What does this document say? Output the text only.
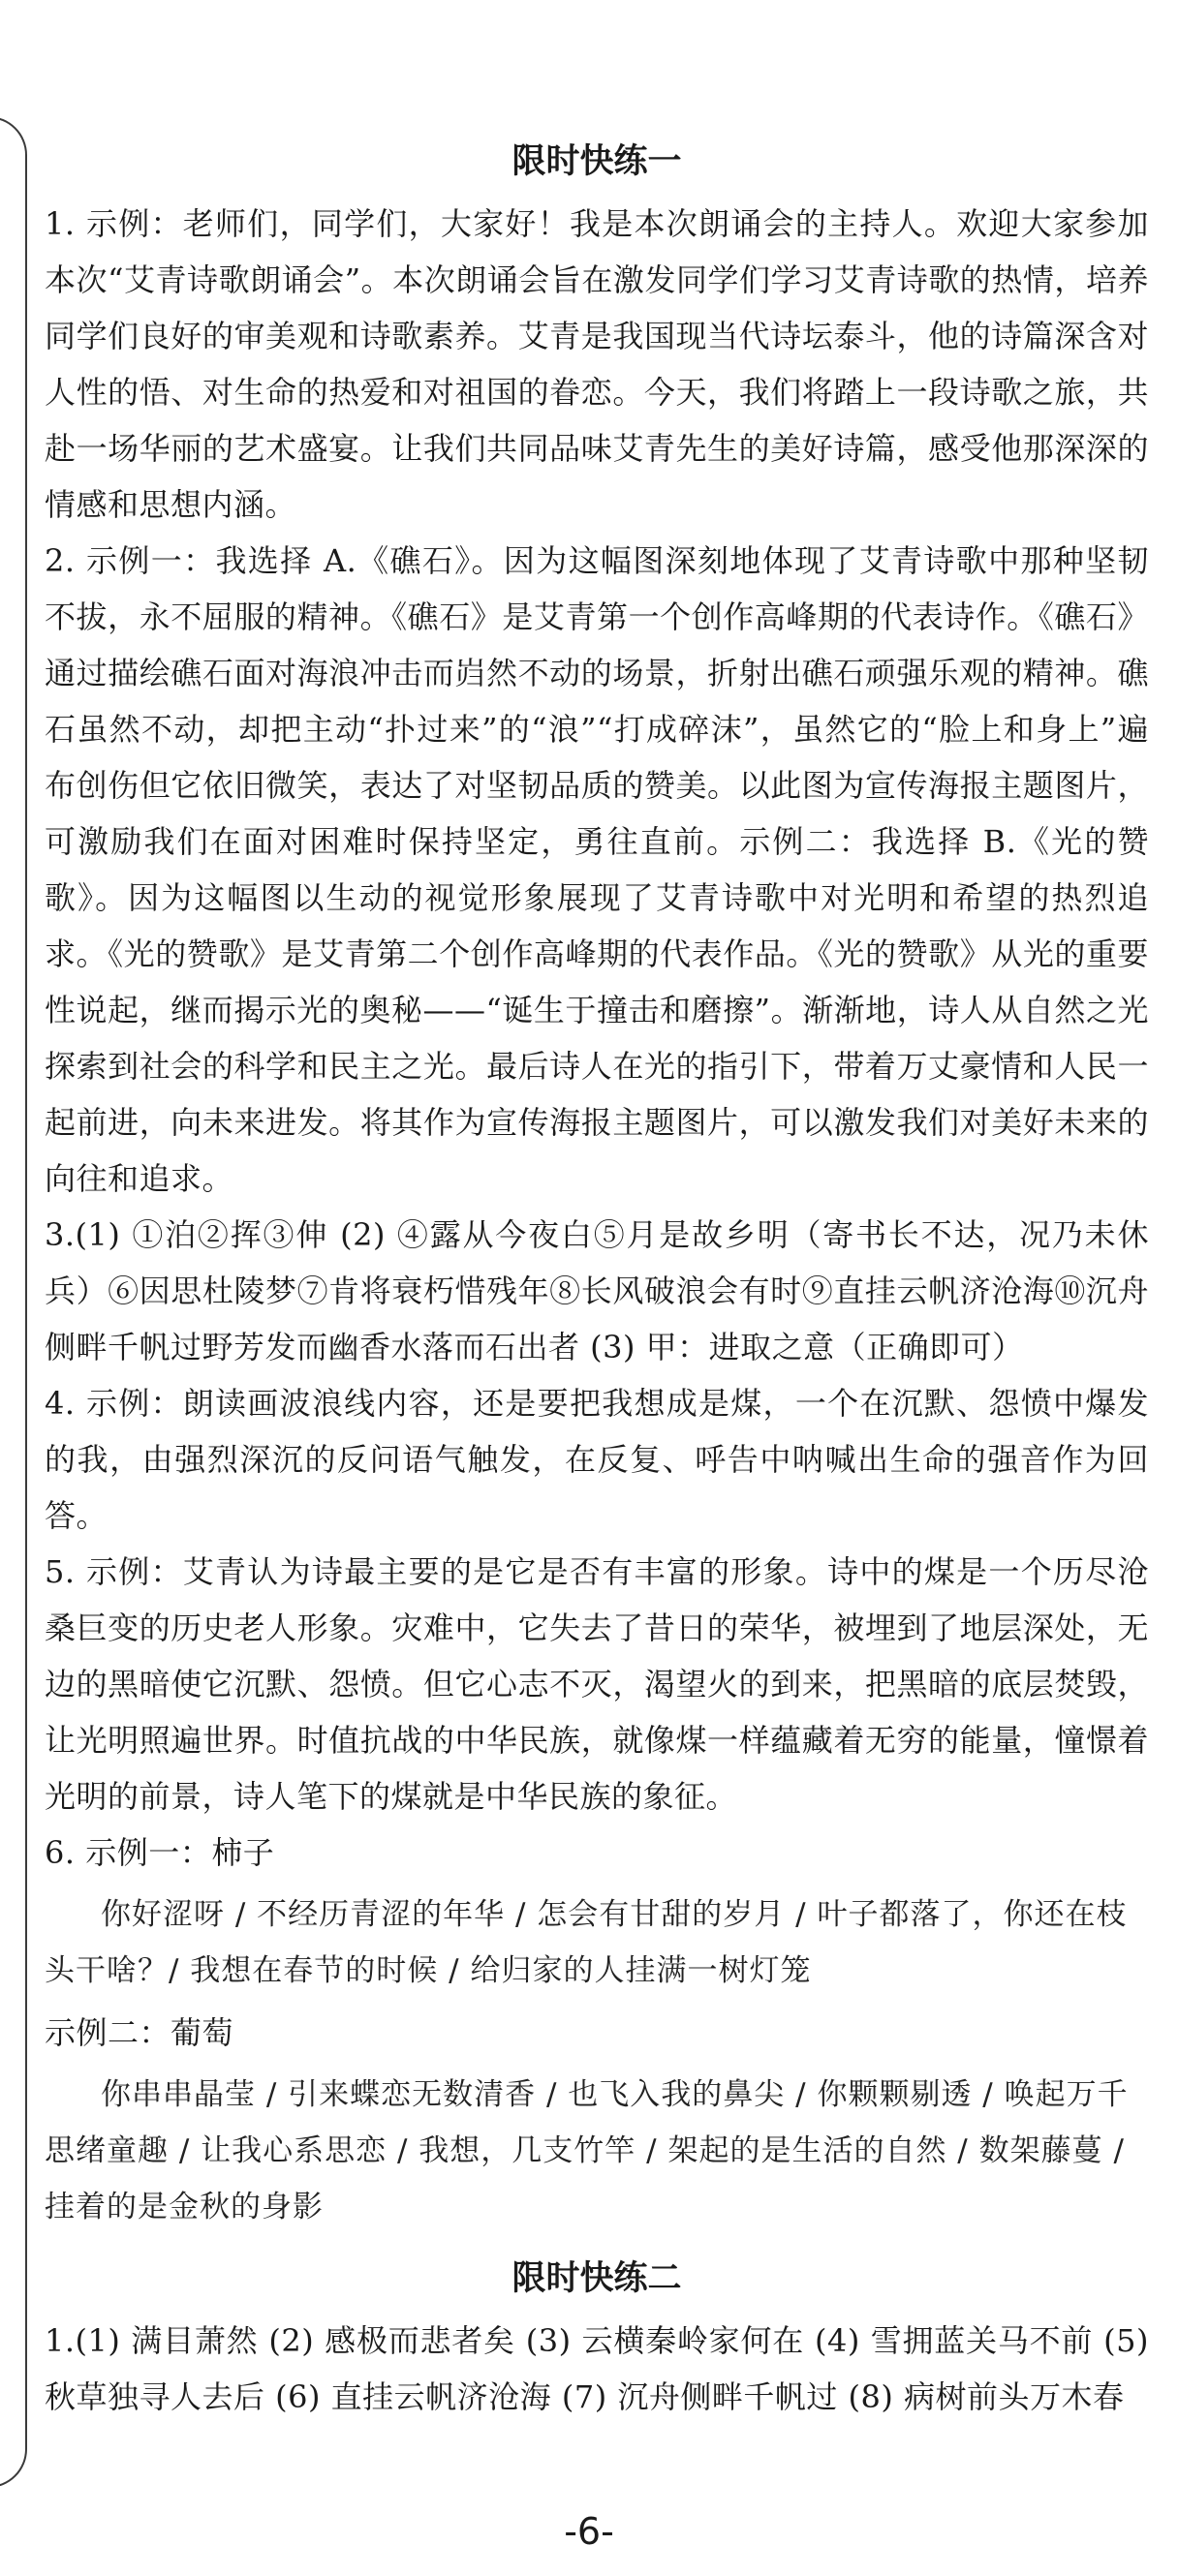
限时快练一

1. 示例：老师们，同学们，大家好！我是本次朗诵会的主持人。欢迎大家参加本次“艾青诗歌朗诵会”。本次朗诵会旨在激发同学们学习艾青诗歌的热情，培养同学们良好的审美观和诗歌素养。艾青是我国现当代诗坛泰斗，他的诗篇深含对人性的悟、对生命的热爱和对祖国的眷恋。今天，我们将踏上一段诗歌之旅，共赴一场华丽的艺术盛宴。让我们共同品味艾青先生的美好诗篇，感受他那深深的情感和思想内涵。

2. 示例一：我选择 A.《礁石》。因为这幅图深刻地体现了艾青诗歌中那种坚韧不拔，永不屈服的精神。《礁石》是艾青第一个创作高峰期的代表诗作。《礁石》通过描绘礁石面对海浪冲击而岿然不动的场景，折射出礁石顽强乐观的精神。礁石虽然不动，却把主动“扑过来”的“浪”“打成碎沫”，虽然它的“脸上和身上”遍布创伤但它依旧微笑，表达了对坚韧品质的赞美。以此图为宣传海报主题图片，可激励我们在面对困难时保持坚定，勇往直前。示例二：我选择 B.《光的赞歌》。因为这幅图以生动的视觉形象展现了艾青诗歌中对光明和希望的热烈追求。《光的赞歌》是艾青第二个创作高峰期的代表作品。《光的赞歌》从光的重要性说起，继而揭示光的奥秘——“诞生于撞击和磨擦”。渐渐地，诗人从自然之光探索到社会的科学和民主之光。最后诗人在光的指引下，带着万丈豪情和人民一起前进，向未来进发。将其作为宣传海报主题图片，可以激发我们对美好未来的向往和追求。

3.(1) ①泊②挥③伸 (2) ④露从今夜白⑤月是故乡明（寄书长不达，况乃未休兵）⑥因思杜陵梦⑦肯将衰朽惜残年⑧长风破浪会有时⑨直挂云帆济沧海⑩沉舟侧畔千帆过野芳发而幽香水落而石出者 (3) 甲：进取之意（正确即可）

4. 示例：朗读画波浪线内容，还是要把我想成是煤，一个在沉默、怨愤中爆发的我，由强烈深沉的反问语气触发，在反复、呼告中呐喊出生命的强音作为回答。

5. 示例：艾青认为诗最主要的是它是否有丰富的形象。诗中的煤是一个历尽沧桑巨变的历史老人形象。灾难中，它失去了昔日的荣华，被埋到了地层深处，无边的黑暗使它沉默、怨愤。但它心志不灭，渴望火的到来，把黑暗的底层焚毁，让光明照遍世界。时值抗战的中华民族，就像煤一样蕴藏着无穷的能量，憧憬着光明的前景，诗人笔下的煤就是中华民族的象征。

6. 示例一：柿子

你好涩呀 / 不经历青涩的年华 / 怎会有甘甜的岁月 / 叶子都落了，你还在枝头干啥？/ 我想在春节的时候 / 给归家的人挂满一树灯笼

示例二：葡萄

你串串晶莹 / 引来蝶恋无数清香 / 也飞入我的鼻尖 / 你颗颗剔透 / 唤起万千思绪童趣 / 让我心系思恋 / 我想，几支竹竿 / 架起的是生活的自然 / 数架藤蔓 / 挂着的是金秋的身影

限时快练二

1.(1) 满目萧然 (2) 感极而悲者矣 (3) 云横秦岭家何在 (4) 雪拥蓝关马不前 (5) 秋草独寻人去后 (6) 直挂云帆济沧海 (7) 沉舟侧畔千帆过 (8) 病树前头万木春

-6-
